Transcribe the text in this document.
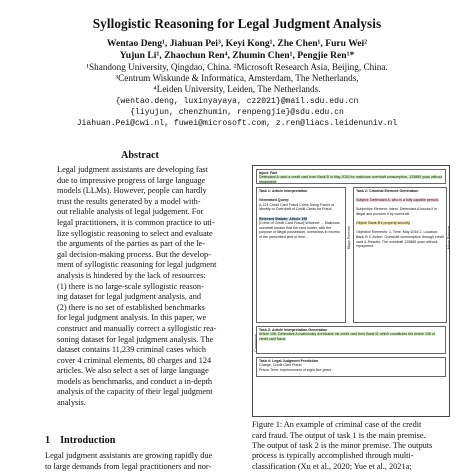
Syllogistic Reasoning for Legal Judgment Analysis
Wentao Deng¹, Jiahuan Pei³, Keyi Kong¹, Zhe Chen¹, Furu Wei²
Yujun Li¹, Zhaochun Ren⁴, Zhumin Chen¹, Pengjie Ren¹*
¹Shandong University, Qingdao, China. ²Microsoft Research Asia, Beijing, China.
³Centrum Wiskunde & Informatica, Amsterdam, The Netherlands,
⁴Leiden University, Leiden, The Netherlands.
{wentao.deng, luxinyayaya, cz2021}@mail.sdu.edu.cn
{liyujun, chenzhumin, renpengjie}@sdu.edu.cn
Jiahuan.Pei@cwi.nl, fuwei@microsoft.com, z.ren@liacs.leidenuniv.nl
Abstract
Legal judgment assistants are developing fast
due to impressive progress of large language
models (LLMs). However, people can hardly
trust the results generated by a model with-
out reliable analysis of legal judgement. For
legal practitioners, it is common practice to uti-
lize syllogistic reasoning to select and evaluate
the arguments of the parties as part of the le-
gal decision-making process. But the develop-
ment of syllogistic reasoning for legal judgment
analysis is hindered by the lack of resources:
(1) there is no large-scale syllogistic reason-
ing dataset for legal judgment analysis, and
(2) there is no set of established benchmarks
for legal judgment analysis. In this paper, we
construct and manually correct a syllogistic rea-
soning dataset for legal judgment analysis. The
dataset contains 11,239 criminal cases which
cover 4 criminal elements, 80 charges and 124
articles. We also select a set of large language
models as benchmarks, and conduct a in-depth
analysis of the capacity of their legal judgment
analysis.
1 Introduction
Legal judgment assistants are growing rapidly due
to large demands from legal practitioners and nor-
Input: Fact
Defendant A used a credit card from Bank B in May 2016 for malicious overdraft consumption, 125865 yuan without repayment.
Task 1: Article Interpretation

Generated Query:
A.124 Credit Card Fraud Crime Using Forms of Identity or Overdraft of Credit Cards for Fraud

Relevant Statute: Article 196
[Crime of Credit Card Fraud] Whoever ... Malicious overdraft means that the card holder, with the purpose of illegal possession, overdraws in excess of the prescribed limit or time ...	Major Premise
Task 2: Criminal Element Generation

Subject: Defendant A, who is a fully capable person.

Subjective Element: Intent. Defendant A knows it is illegal and pursues it by overdraft.

Object: Bank B's property security

Objective Elements: 1. Time: May 2016 2. Location: Bank B 3. Action: Overdraft consumption through credit card 4. Results: The overdraft 125865 yuan without repayment.	Minor Premise
Task 3: Article Interpretation Generation
Article 196: Defendant A maliciously overdraws his credit card from Bank B, which constitutes the Article 196 of credit card fraud.
Task 4: Legal Judgment Prediction
Charge: Credit Card Fraud
Prison Term: Imprisonment of eight-five years
Conclusion
Figure 1: An example of criminal case of the credit
card fraud. The output of task 1 is the main premise.
The output of task 2 is the minor premise. The outputs
process is typically accomplished through multi-
classification (Xu et al., 2020; Yue et al., 2021a;
